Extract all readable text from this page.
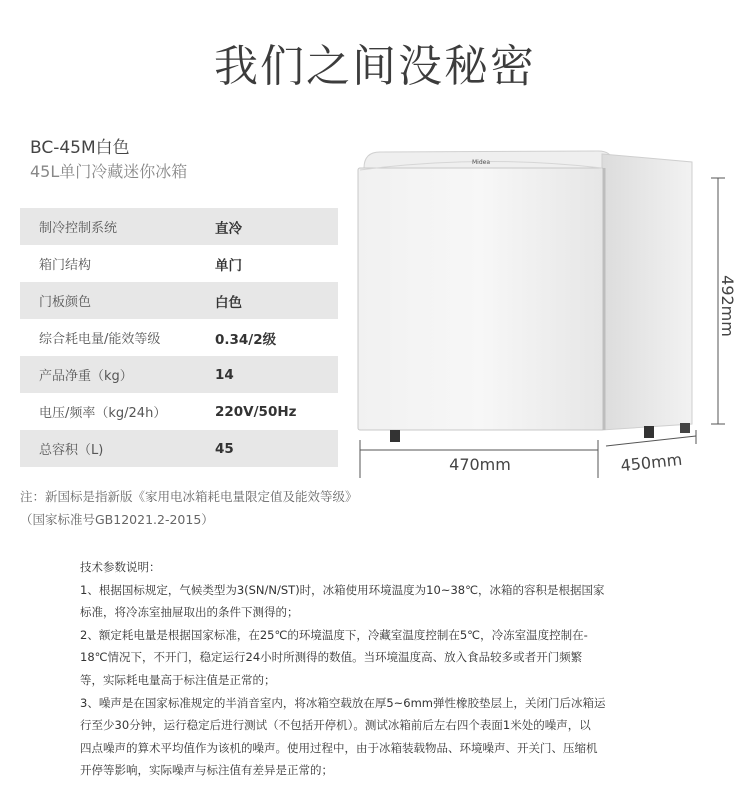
我们之间没秘密
BC-45M白色
45L单门冷藏迷你冰箱
制冷控制系统	直冷
箱门结构	单门
门板颜色	白色
综合耗电量/能效等级	0.34/2级
产品净重（kg）	14
电压/频率（kg/24h）	220V/50Hz
总容积（L)	45
注：新国标是指新版《家用电冰箱耗电量限定值及能效等级》
（国家标准号GB12021.2-2015）
Midea
492mm
470mm	450mm

技术参数说明：

1、根据国标规定，气候类型为3(SN/N/ST)时，冰箱使用环境温度为10~38℃，冰箱的容积是根据国家

标准，将冷冻室抽屉取出的条件下测得的；

2、额定耗电量是根据国家标准，在25℃的环境温度下，冷藏室温度控制在5℃，冷冻室温度控制在-

18℃情况下，不开门，稳定运行24小时所测得的数值。当环境温度高、放入食品较多或者开门频繁

等，实际耗电量高于标注值是正常的；

3、噪声是在国家标准规定的半消音室内，将冰箱空载放在厚5~6mm弹性橡胶垫层上，关闭门后冰箱运

行至少30分钟，运行稳定后进行测试（不包括开停机）。测试冰箱前后左右四个表面1米处的噪声，以

四点噪声的算术平均值作为该机的噪声。使用过程中，由于冰箱装载物品、环境噪声、开关门、压缩机

开停等影响，实际噪声与标注值有差异是正常的；
